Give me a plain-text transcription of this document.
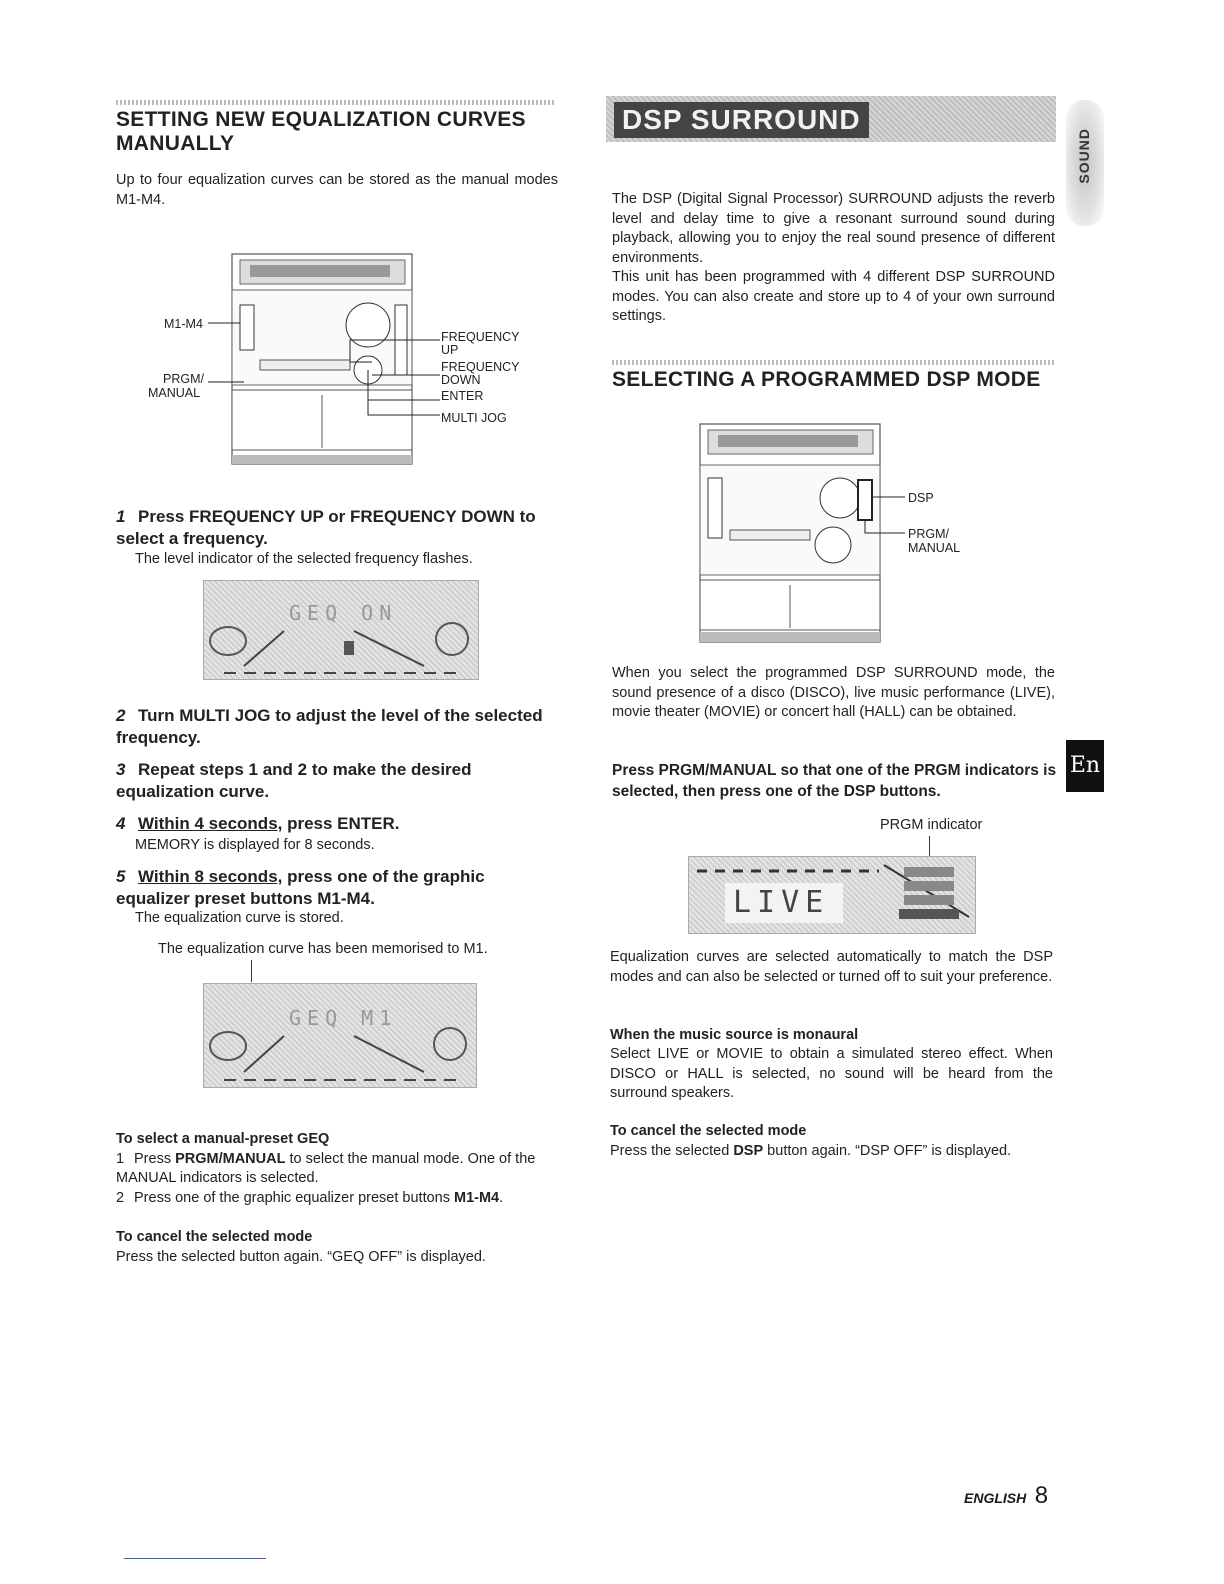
SETTING NEW EQUALIZATION CURVES MANUALLY
Up to four equalization curves can be stored as the manual modes M1-M4.
M1-M4
PRGM/
MANUAL
FREQUENCY
UP
FREQUENCY
DOWN
ENTER
MULTI JOG
1 Press FREQUENCY UP or FREQUENCY DOWN to select a frequency.
The level indicator of the selected frequency flashes.
GEQ ON
2 Turn MULTI JOG to adjust the level of the selected frequency.
3 Repeat steps 1 and 2 to make the desired equalization curve.
4 Within 4 seconds, press ENTER.
MEMORY is displayed for 8 seconds.
5 Within 8 seconds, press one of the graphic equalizer preset buttons M1-M4.
The equalization curve is stored.
The equalization curve has been memorised to M1.
GEQ M1
To select a manual-preset GEQ
1 Press PRGM/MANUAL to select the manual mode. One of the MANUAL indicators is selected.
2 Press one of the graphic equalizer preset buttons M1-M4.
To cancel the selected mode
Press the selected button again. “GEQ OFF” is displayed.
DSP SURROUND
The DSP (Digital Signal Processor) SURROUND adjusts the reverb level and delay time to give a resonant surround sound during playback, allowing you to enjoy the real sound presence of different environments.
This unit has been programmed with 4 different DSP SURROUND modes. You can also create and store up to 4 of your own surround settings.
SELECTING A PROGRAMMED DSP MODE
DSP
PRGM/
MANUAL
When you select the programmed DSP SURROUND mode, the sound presence of a disco (DISCO), live music performance (LIVE), movie theater (MOVIE) or concert hall (HALL) can be obtained.
Press PRGM/MANUAL so that one of the PRGM indicators is selected, then press one of the DSP buttons.
PRGM indicator
LIVE
Equalization curves are selected automatically to match the DSP modes and can also be selected or turned off to suit your preference.
When the music source is monaural
Select LIVE or MOVIE to obtain a simulated stereo effect. When DISCO or HALL is selected, no sound will be heard from the surround speakers.
To cancel the selected mode
Press the selected DSP button again. “DSP OFF” is displayed.
SOUND
En
ENGLISH 8
